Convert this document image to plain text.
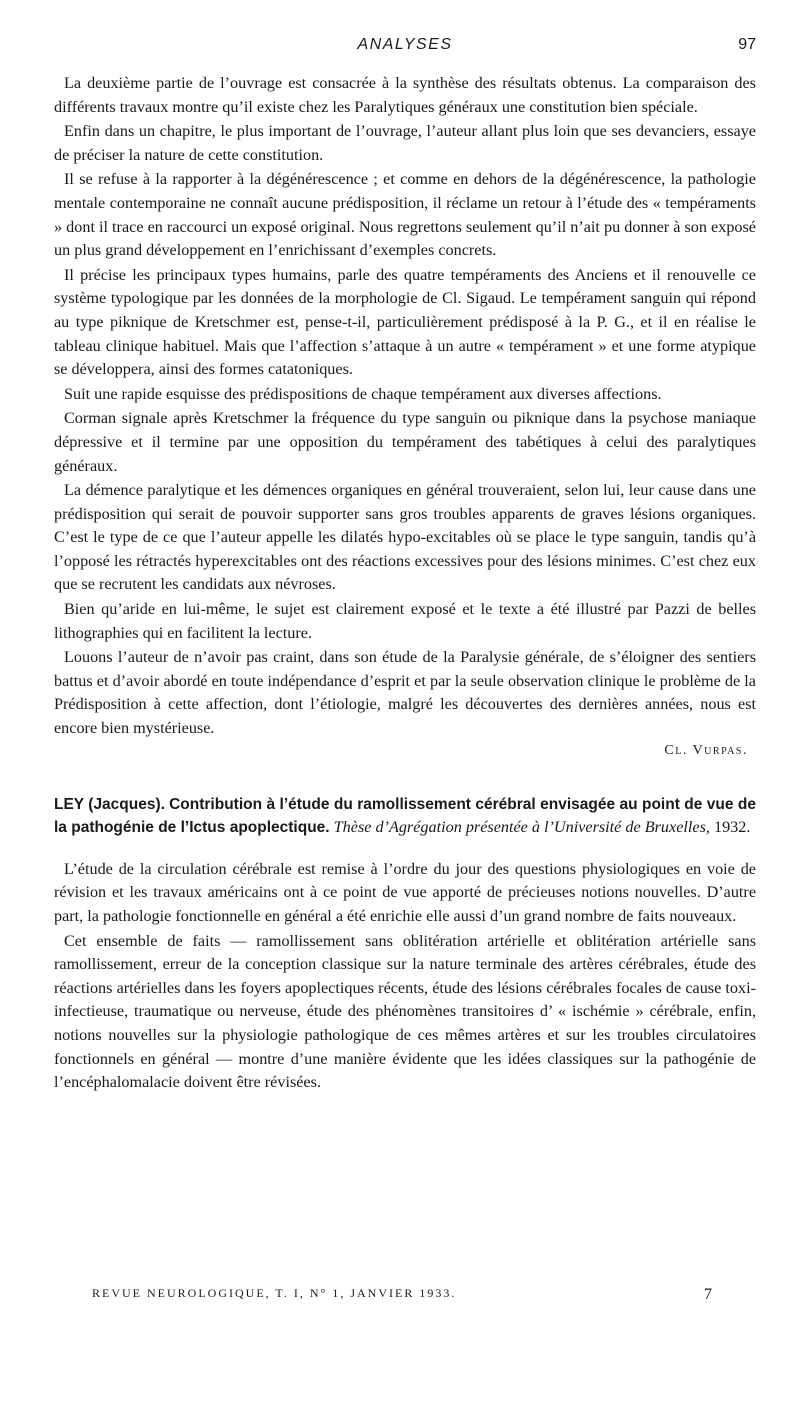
ANALYSES	97

La deuxième partie de l’ouvrage est consacrée à la synthèse des résultats obtenus. La comparaison des différents travaux montre qu’il existe chez les Paralytiques généraux une constitution bien spéciale.

Enfin dans un chapitre, le plus important de l’ouvrage, l’auteur allant plus loin que ses devanciers, essaye de préciser la nature de cette constitution.

Il se refuse à la rapporter à la dégénérescence ; et comme en dehors de la dégénérescence, la pathologie mentale contemporaine ne connaît aucune prédisposition, il réclame un retour à l’étude des « tempéraments » dont il trace en raccourci un exposé original. Nous regrettons seulement qu’il n’ait pu donner à son exposé un plus grand développement en l’enrichissant d’exemples concrets.

Il précise les principaux types humains, parle des quatre tempéraments des Anciens et il renouvelle ce système typologique par les données de la morphologie de Cl. Sigaud. Le tempérament sanguin qui répond au type piknique de Kretschmer est, pense-t-il, particulièrement prédisposé à la P. G., et il en réalise le tableau clinique habituel. Mais que l’affection s’attaque à un autre « tempérament » et une forme atypique se développera, ainsi des formes catatoniques.

Suit une rapide esquisse des prédispositions de chaque tempérament aux diverses affections.

Corman signale après Kretschmer la fréquence du type sanguin ou piknique dans la psychose maniaque dépressive et il termine par une opposition du tempérament des tabétiques à celui des paralytiques généraux.

La démence paralytique et les démences organiques en général trouveraient, selon lui, leur cause dans une prédisposition qui serait de pouvoir supporter sans gros troubles apparents de graves lésions organiques. C’est le type de ce que l’auteur appelle les dilatés hypo-excitables où se place le type sanguin, tandis qu’à l’opposé les rétractés hyperexcitables ont des réactions excessives pour des lésions minimes. C’est chez eux que se recrutent les candidats aux névroses.

Bien qu’aride en lui-même, le sujet est clairement exposé et le texte a été illustré par Pazzi de belles lithographies qui en facilitent la lecture.

Louons l’auteur de n’avoir pas craint, dans son étude de la Paralysie générale, de s’éloigner des sentiers battus et d’avoir abordé en toute indépendance d’esprit et par la seule observation clinique le problème de la Prédisposition à cette affection, dont l’étiologie, malgré les découvertes des dernières années, nous est encore bien mystérieuse.

Cl. Vurpas.
LEY (Jacques). Contribution à l’étude du ramollissement cérébral envisagée au point de vue de la pathogénie de l’Ictus apoplectique. Thèse d’Agrégation présentée à l’Université de Bruxelles, 1932.

L’étude de la circulation cérébrale est remise à l’ordre du jour des questions physiologiques en voie de révision et les travaux américains ont à ce point de vue apporté de précieuses notions nouvelles. D’autre part, la pathologie fonctionnelle en général a été enrichie elle aussi d’un grand nombre de faits nouveaux.

Cet ensemble de faits — ramollissement sans oblitération artérielle et oblitération artérielle sans ramollissement, erreur de la conception classique sur la nature terminale des artères cérébrales, étude des réactions artérielles dans les foyers apoplectiques récents, étude des lésions cérébrales focales de cause toxi-infectieuse, traumatique ou nerveuse, étude des phénomènes transitoires d’ « ischémie » cérébrale, enfin, notions nouvelles sur la physiologie pathologique de ces mêmes artères et sur les troubles circulatoires fonctionnels en général — montre d’une manière évidente que les idées classiques sur la pathogénie de l’encéphalomalacie doivent être révisées.

REVUE NEUROLOGIQUE, T. I, N° 1, JANVIER 1933.	7
